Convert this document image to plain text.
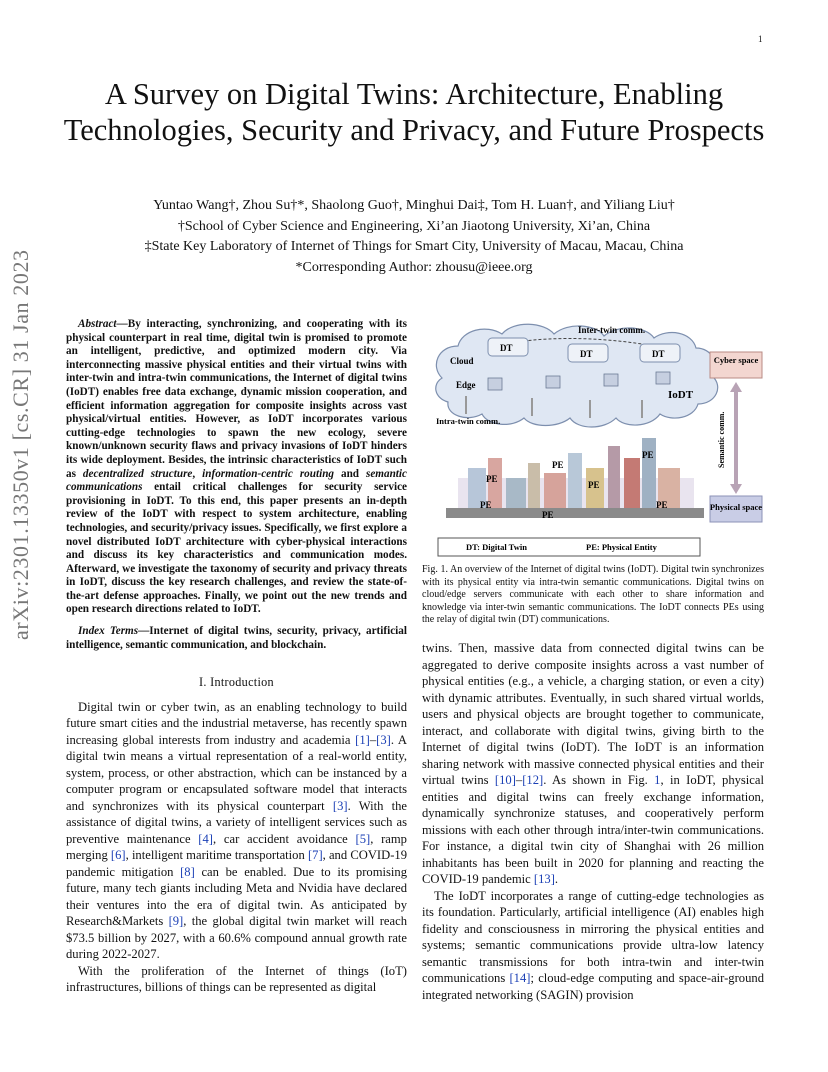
1
A Survey on Digital Twins: Architecture, Enabling Technologies, Security and Privacy, and Future Prospects
Yuntao Wang†, Zhou Su†*, Shaolong Guo†, Minghui Dai‡, Tom H. Luan†, and Yiliang Liu†
†School of Cyber Science and Engineering, Xi’an Jiaotong University, Xi’an, China
‡State Key Laboratory of Internet of Things for Smart City, University of Macau, Macau, China
*Corresponding Author: zhousu@ieee.org
arXiv:2301.13350v1 [cs.CR] 31 Jan 2023	Abstract—By interacting, synchronizing, and cooperating with its physical counterpart in real time, digital twin is promised to promote an intelligent, predictive, and optimized modern city. Via interconnecting massive physical entities and their virtual twins with inter-twin and intra-twin communications, the Internet of digital twins (IoDT) enables free data exchange, dynamic mission cooperation, and efficient information aggregation for composite insights across vast physical/virtual entities. However, as IoDT incorporates various cutting-edge technologies to spawn the new ecology, severe known/unknown security flaws and privacy invasions of IoDT hinders its wide deployment. Besides, the intrinsic characteristics of IoDT such as decentralized structure, information-centric routing and semantic communications entail critical challenges for security service provisioning in IoDT. To this end, this paper presents an in-depth review of the IoDT with respect to system architecture, enabling technologies, and security/privacy issues. Specifically, we first explore a novel distributed IoDT architecture with cyber-physical interactions and discuss its key characteristics and communication modes. Afterward, we investigate the taxonomy of security and privacy threats in IoDT, discuss the key research challenges, and review the state-of-the-art defense approaches. Finally, we point out the new trends and open research directions related to IoDT.

Index Terms—Internet of digital twins, security, privacy, artificial intelligence, semantic communication, and blockchain.

I. Introduction

Digital twin or cyber twin, as an enabling technology to build future smart cities and the industrial metaverse, has recently spawn increasing global interests from industry and academia [1]–[3]. A digital twin means a virtual representation of a real-world entity, system, process, or other abstraction, which can be instanced by a computer program or encapsulated software model that interacts and synchronizes with its physical counterpart [3]. With the assistance of digital twins, a variety of intelligent services such as preventive maintenance [4], car accident avoidance [5], ramp merging [6], intelligent maritime transportation [7], and COVID-19 pandemic mitigation [8] can be enabled. Due to its promising future, many tech giants including Meta and Nvidia have declared their ventures into the era of digital twin. As anticipated by Research&Markets [9], the global digital twin market will reach $73.5 billion by 2027, with a 60.6% compound annual growth rate during 2022-2027.

With the proliferation of the Internet of things (IoT) infrastructures, billions of things can be represented as digital

DT
DT	DT
Inter-twin comm.
Cloud
Edge
IoDT
Intra-twin comm.
PE
PE
PE
PE
PE
PE
PE
Cyber space
Physical space
Semantic comm.
DT: Digital Twin	PE: Physical Entity
Fig. 1. An overview of the Internet of digital twins (IoDT). Digital twin synchronizes with its physical entity via intra-twin semantic communications. Digital twins on cloud/edge servers communicate with each other to share information and knowledge via inter-twin semantic communications. The IoDT connects PEs using the relay of digital twin (DT) communications.

twins. Then, massive data from connected digital twins can be aggregated to derive composite insights across a vast number of physical entities (e.g., a vehicle, a charging station, or even a city) with dynamic attributes. Eventually, in such shared virtual worlds, users and physical objects are brought together to communicate, interact, and collaborate with digital twins, giving birth to the Internet of digital twins (IoDT). The IoDT is an information sharing network with massive connected physical entities and their virtual twins [10]–[12]. As shown in Fig. 1, in IoDT, physical entities and digital twins can freely exchange information, dynamically synchronize statuses, and cooperatively perform missions with each other through intra/inter-twin communications. For instance, a digital twin city of Shanghai with 26 million inhabitants has been built in 2020 for planning and reacting the COVID-19 pandemic [13].

The IoDT incorporates a range of cutting-edge technologies as its foundation. Particularly, artificial intelligence (AI) enables high fidelity and consciousness in mirroring the physical entities and systems; semantic communications provide ultra-low latency semantic transmissions for both intra-twin and inter-twin communications [14]; cloud-edge computing and space-air-ground integrated networking (SAGIN) provision
